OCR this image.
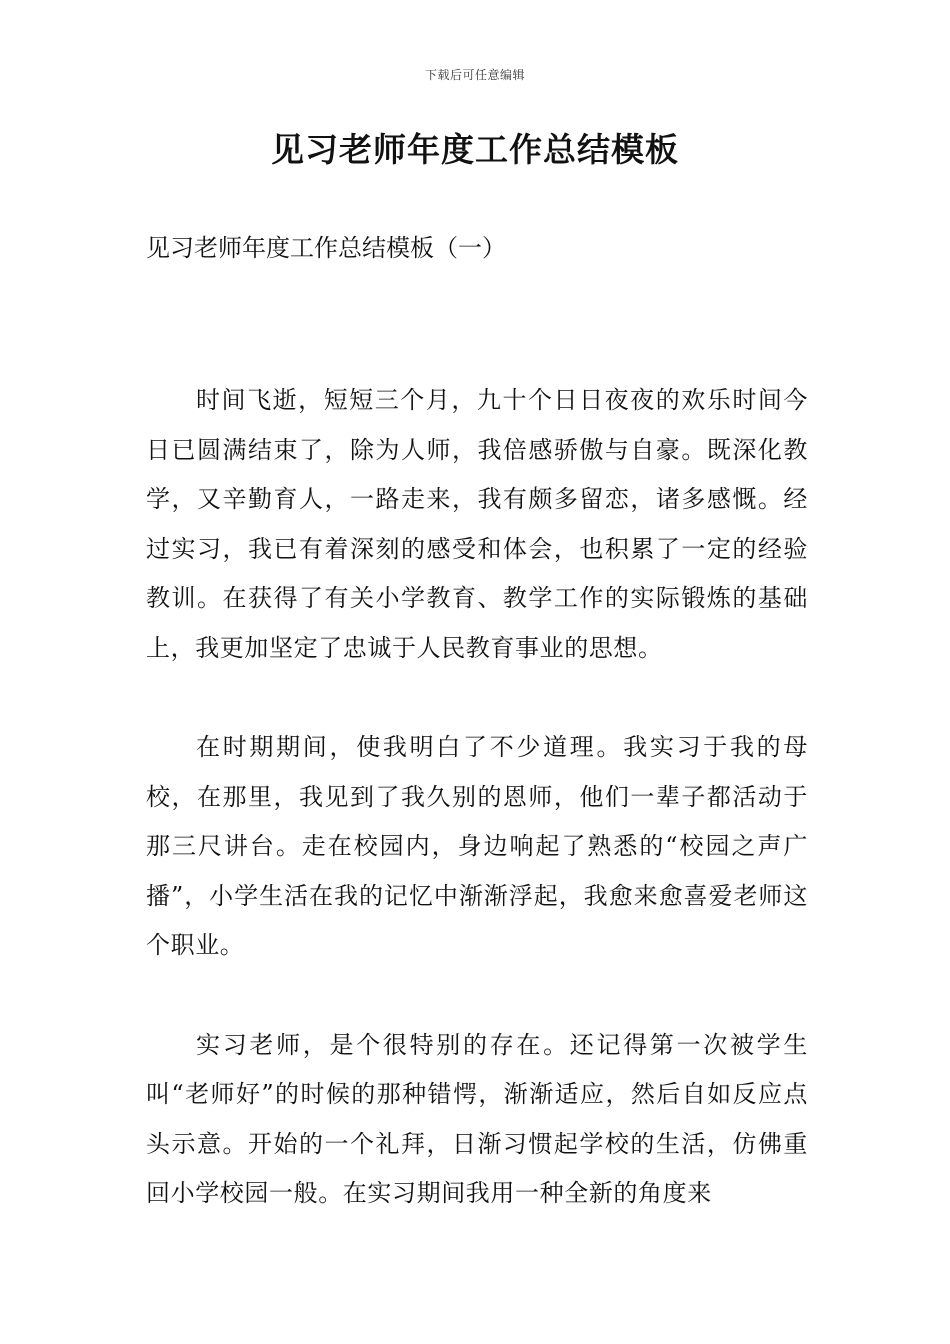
下载后可任意编辑
见习老师年度工作总结模板

见习老师年度工作总结模板（一）

时间飞逝，短短三个月，九十个日日夜夜的欢乐时间今日已圆满结束了，除为人师，我倍感骄傲与自豪。既深化教学，又辛勤育人，一路走来，我有颇多留恋，诸多感慨。经过实习，我已有着深刻的感受和体会，也积累了一定的经验教训。在获得了有关小学教育、教学工作的实际锻炼的基础上，我更加坚定了忠诚于人民教育事业的思想。

在时期期间，使我明白了不少道理。我实习于我的母校，在那里，我见到了我久别的恩师，他们一辈子都活动于那三尺讲台。走在校园内，身边响起了熟悉的“校园之声广播”，小学生活在我的记忆中渐渐浮起，我愈来愈喜爱老师这个职业。

实习老师，是个很特别的存在。还记得第一次被学生叫“老师好”的时候的那种错愕，渐渐适应，然后自如反应点头示意。开始的一个礼拜，日渐习惯起学校的生活，仿佛重回小学校园一般。在实习期间我用一种全新的角度来
